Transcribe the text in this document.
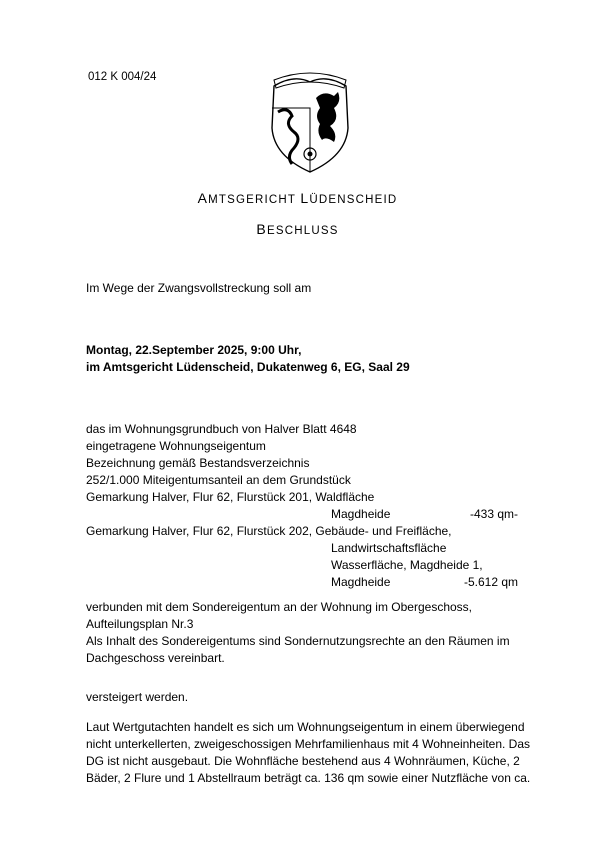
012 K 004/24
AMTSGERICHT LÜDENSCHEID
BESCHLUSS
Im Wege der Zwangsvollstreckung soll am
Montag, 22.September 2025, 9:00 Uhr,
im Amtsgericht Lüdenscheid, Dukatenweg 6, EG, Saal 29
das im Wohnungsgrundbuch von Halver Blatt 4648
eingetragene Wohnungseigentum
Bezeichnung gemäß Bestandsverzeichnis
252/1.000 Miteigentumsanteil an dem Grundstück
Gemarkung Halver, Flur 62, Flurstück 201, Waldfläche
Magdheide	-433 qm-
Gemarkung Halver, Flur 62, Flurstück 202, Gebäude- und Freifläche,
Landwirtschaftsfläche
Wasserfläche, Magdheide 1,
Magdheide	-5.612 qm
verbunden mit dem Sondereigentum an der Wohnung im Obergeschoss,
Aufteilungsplan Nr.3
Als Inhalt des Sondereigentums sind Sondernutzungsrechte an den Räumen im
Dachgeschoss vereinbart.
versteigert werden.
Laut Wertgutachten handelt es sich um Wohnungseigentum in einem überwiegend
nicht unterkellerten, zweigeschossigen Mehrfamilienhaus mit 4 Wohneinheiten. Das
DG ist nicht ausgebaut. Die Wohnfläche bestehend aus 4 Wohnräumen, Küche, 2
Bäder, 2 Flure und 1 Abstellraum beträgt ca. 136 qm sowie einer Nutzfläche von ca.
